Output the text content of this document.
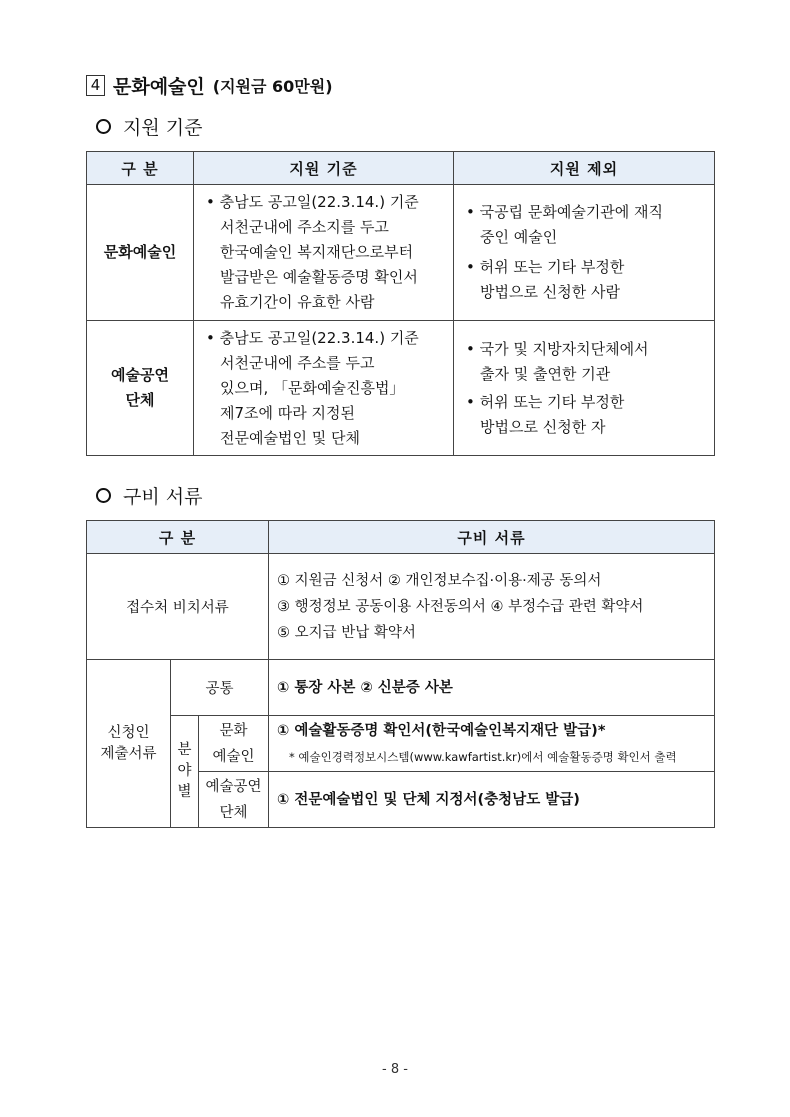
4 문화예술인 (지원금 60만원)
지원 기준
구 분	지원 기준	지원 제외

문화예술인	• 충남도 공고일(22.3.14.) 기준
서천군내에 주소지를 두고
한국예술인 복지재단으로부터
발급받은 예술활동증명 확인서
유효기간이 유효한 사람	• 국공립 문화예술기관에 재직
중인 예술인
• 허위 또는 기타 부정한
방법으로 신청한 사람

예술공연
단체	• 충남도 공고일(22.3.14.) 기준
서천군내에 주소를 두고
있으며, 「문화예술진흥법」
제7조에 따라 지정된
전문예술법인 및 단체	• 국가 및 지방자치단체에서
출자 및 출연한 기관
• 허위 또는 기타 부정한
방법으로 신청한 자
구비 서류
구 분			구비 서류
접수처 비치서류			① 지원금 신청서 ② 개인정보수집·이용·제공 동의서
③ 행정정보 공동이용 사전동의서 ④ 부정수급 관련 확약서
⑤ 오지급 반납 확약서

신청인
제출서류	공통		① 통장 사본 ② 신분증 사본

	분
야
별	문화
예술인	① 예술활동증명 확인서(한국예술인복지재단 발급)*
* 예술인경력정보시스템(www.kawfartist.kr)에서 예술활동증명 확인서 출력

		예술공연
단체	① 전문예술법인 및 단체 지정서(충청남도 발급)
- 8 -
